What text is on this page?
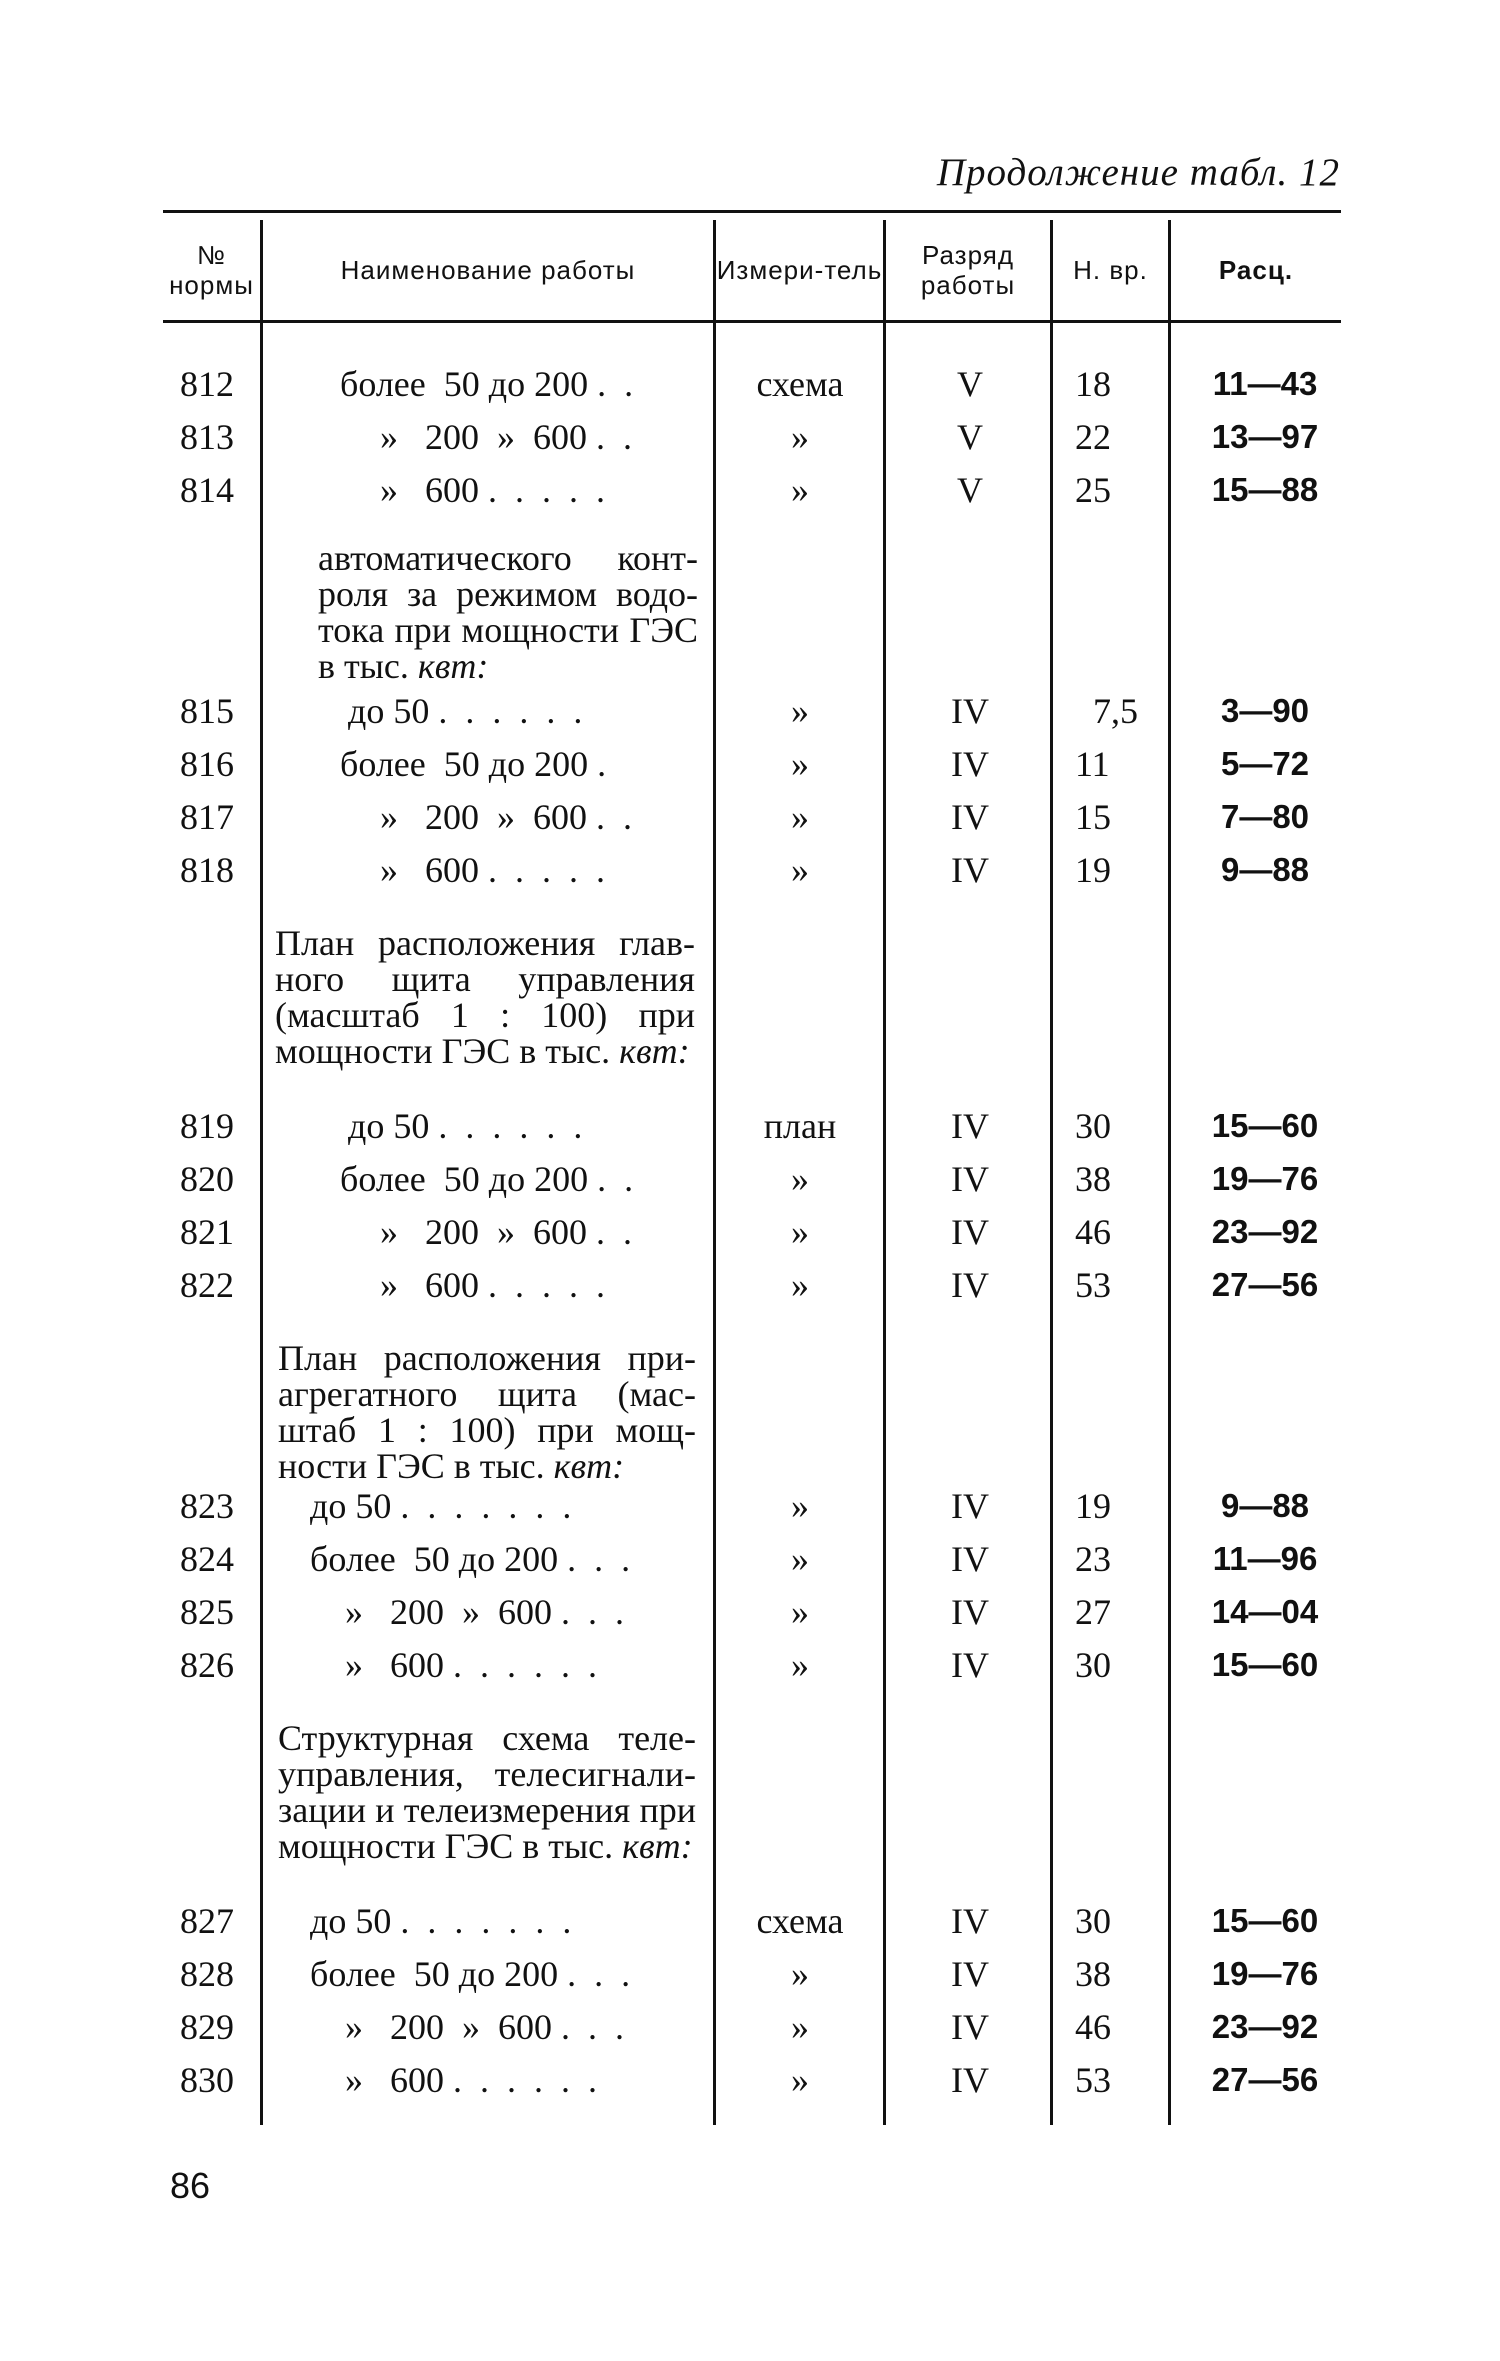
Продолжение табл. 12
№ нормы	Наименование работы	Измери-тель	Разряд работы	Н. вр.	Расц.
812	более  50 до 200 .  .	схема	V	18	11—43
813	»   200  »  600 .  .	»	V	22	13—97
814	»   600 .  .  .  .  .	»	V	25	15—88
автоматического конт-роля за режимом водо-тока при мощности ГЭС в тыс. квт:
815	до 50 .  .  .  .  .  .	»	IV	7,5	3—90
816	более  50 до 200 .	»	IV	11	5—72
817	»   200  »  600 .  .	»	IV	15	7—80
818	»   600 .  .  .  .  .	»	IV	19	9—88
План расположения глав-ного щита управления (масштаб 1 : 100) при мощности ГЭС в тыс. квт:
819	до 50 .  .  .  .  .  .	план	IV	30	15—60
820	более  50 до 200 .  .	»	IV	38	19—76
821	»   200  »  600 .  .	»	IV	46	23—92
822	»   600 .  .  .  .  .	»	IV	53	27—56
План расположения при-агрегатного щита (мас-штаб 1 : 100) при мощ-ности ГЭС в тыс. квт:
823 до 50 .  .  .  .  .  .  .	»	IV	19	9—88
824 более  50 до 200 .  .  .	»	IV	23	11—96
825	»   200  »  600 .  .  .	»	IV	27	14—04
826	»   600 .  .  .  .  .  .	»	IV	30	15—60
Структурная схема теле-управления, телесигнали-зации и телеизмерения при мощности ГЭС в тыс. квт:
827 до 50 .  .  .  .  .  .  .	схема	IV	30	15—60
828 более  50 до 200 .  .  .	»	IV	38	19—76
829	»   200  »  600 .  .  .	»	IV	46	23—92
830	»   600 .  .  .  .  .  .	»	IV	53	27—56
86
